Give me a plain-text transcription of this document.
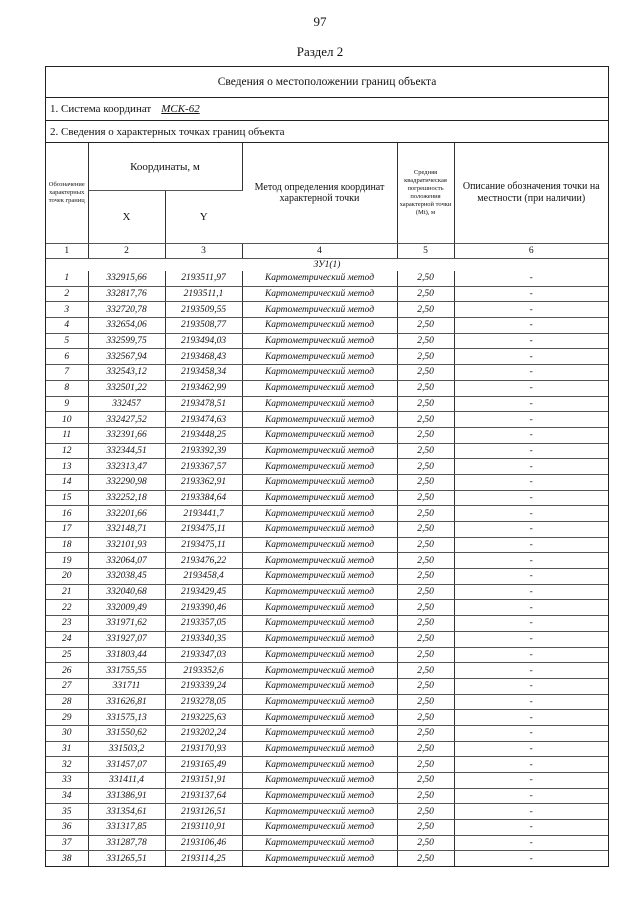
97
Раздел 2
Сведения о местоположении границ объекта
1. Система координат МСК-62
2. Сведения о характерных точках границ объекта
Обозначение характерных точек границ	Координаты, м		Метод определения координат характерной точки	Средняя квадратическая погрешность положения характерной точки (Mt), м	Описание обозначения точки на местности (при наличии)
	X	Y			
1	2	3	4	5	6
ЗУ1(1)					
1	332915,66	2193511,97	Картометрический метод	2,50	-
2	332817,76	2193511,1	Картометрический метод	2,50	-
3	332720,78	2193509,55	Картометрический метод	2,50	-
4	332654,06	2193508,77	Картометрический метод	2,50	-
5	332599,75	2193494,03	Картометрический метод	2,50	-
6	332567,94	2193468,43	Картометрический метод	2,50	-
7	332543,12	2193458,34	Картометрический метод	2,50	-
8	332501,22	2193462,99	Картометрический метод	2,50	-
9	332457	2193478,51	Картометрический метод	2,50	-
10	332427,52	2193474,63	Картометрический метод	2,50	-
11	332391,66	2193448,25	Картометрический метод	2,50	-
12	332344,51	2193392,39	Картометрический метод	2,50	-
13	332313,47	2193367,57	Картометрический метод	2,50	-
14	332290,98	2193362,91	Картометрический метод	2,50	-
15	332252,18	2193384,64	Картометрический метод	2,50	-
16	332201,66	2193441,7	Картометрический метод	2,50	-
17	332148,71	2193475,11	Картометрический метод	2,50	-
18	332101,93	2193475,11	Картометрический метод	2,50	-
19	332064,07	2193476,22	Картометрический метод	2,50	-
20	332038,45	2193458,4	Картометрический метод	2,50	-
21	332040,68	2193429,45	Картометрический метод	2,50	-
22	332009,49	2193390,46	Картометрический метод	2,50	-
23	331971,62	2193357,05	Картометрический метод	2,50	-
24	331927,07	2193340,35	Картометрический метод	2,50	-
25	331803,44	2193347,03	Картометрический метод	2,50	-
26	331755,55	2193352,6	Картометрический метод	2,50	-
27	331711	2193339,24	Картометрический метод	2,50	-
28	331626,81	2193278,05	Картометрический метод	2,50	-
29	331575,13	2193225,63	Картометрический метод	2,50	-
30	331550,62	2193202,24	Картометрический метод	2,50	-
31	331503,2	2193170,93	Картометрический метод	2,50	-
32	331457,07	2193165,49	Картометрический метод	2,50	-
33	331411,4	2193151,91	Картометрический метод	2,50	-
34	331386,91	2193137,64	Картометрический метод	2,50	-
35	331354,61	2193126,51	Картометрический метод	2,50	-
36	331317,85	2193110,91	Картометрический метод	2,50	-
37	331287,78	2193106,46	Картометрический метод	2,50	-
38	331265,51	2193114,25	Картометрический метод	2,50	-
